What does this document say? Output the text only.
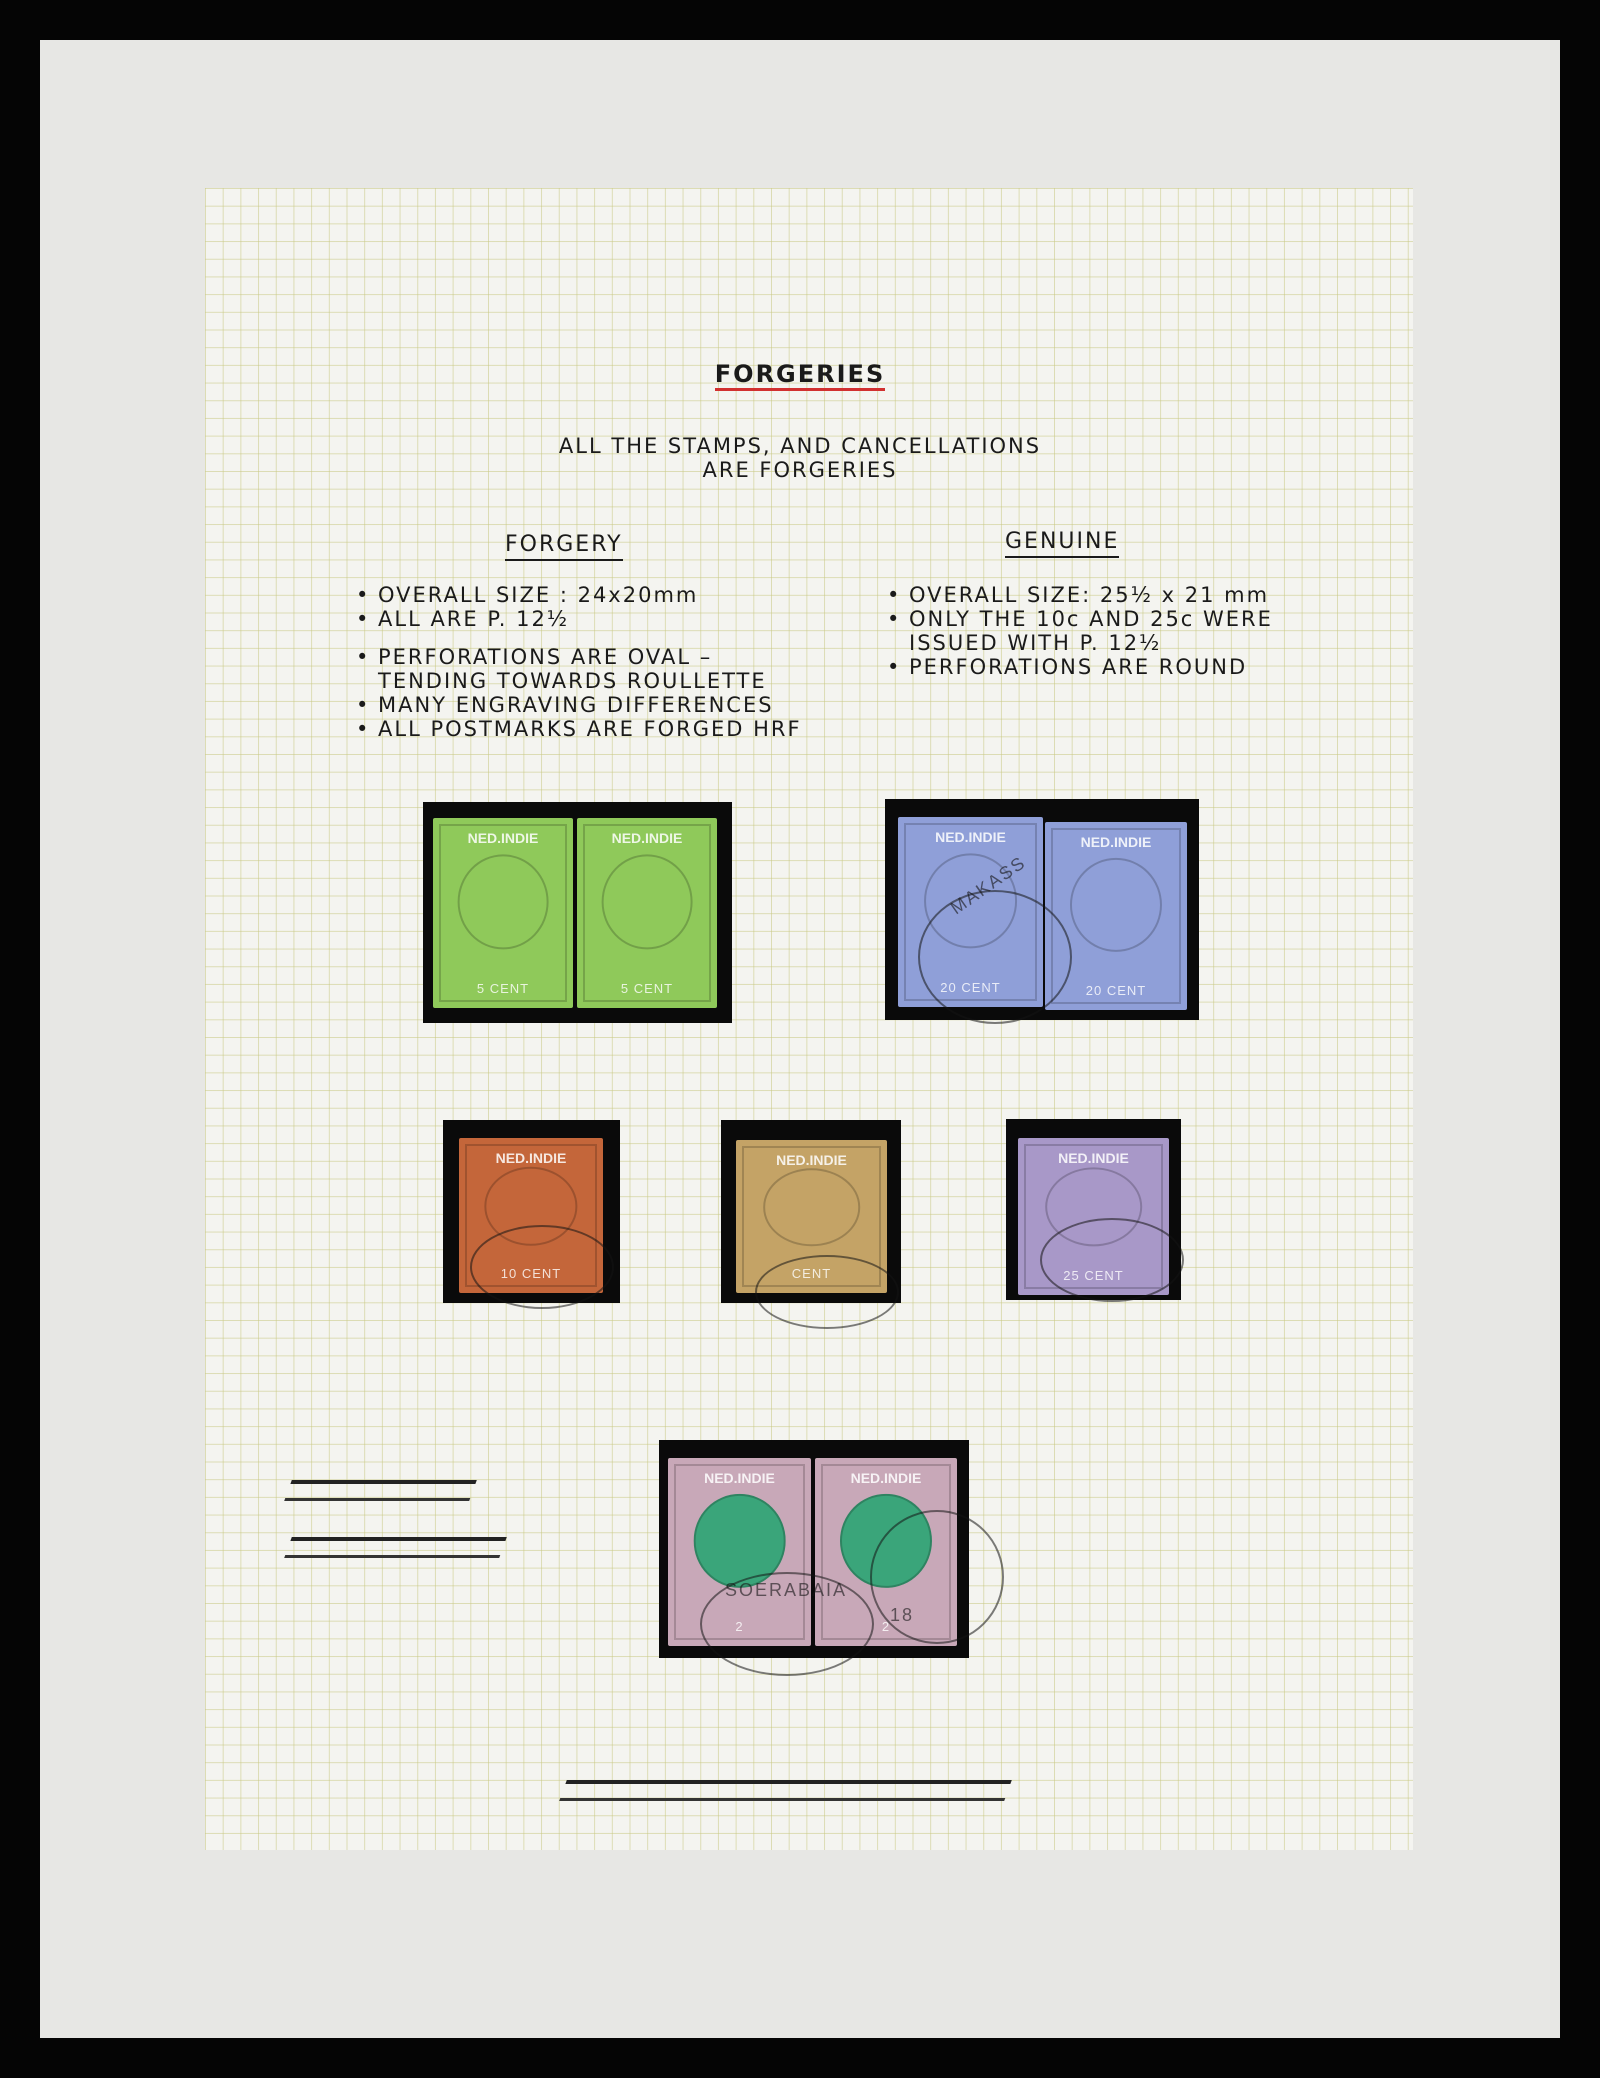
FORGERIES

ALL THE STAMPS, AND CANCELLATIONS
ARE FORGERIES

FORGERY	GENUINE
• OVERALL SIZE : 24x20mm
• ALL ARE P. 12½
• PERFORATIONS ARE OVAL –
TENDING TOWARDS ROULLETTE
• MANY ENGRAVING DIFFERENCES
• ALL POSTMARKS ARE FORGED HRF
• OVERALL SIZE: 25½ x 21 mm
• ONLY THE 10c AND 25c WERE
ISSUED WITH P. 12½
• PERFORATIONS ARE ROUND
NED.INDIE
5 CENT
NED.INDIE
5 CENT
NED.INDIE
20 CENT
NED.INDIE
20 CENT
MAKASS
NED.INDIE
10 CENT
NED.INDIE
CENT
NED.INDIE
25 CENT
NED.INDIE
2
NED.INDIE
2
SOERABAIA
18
